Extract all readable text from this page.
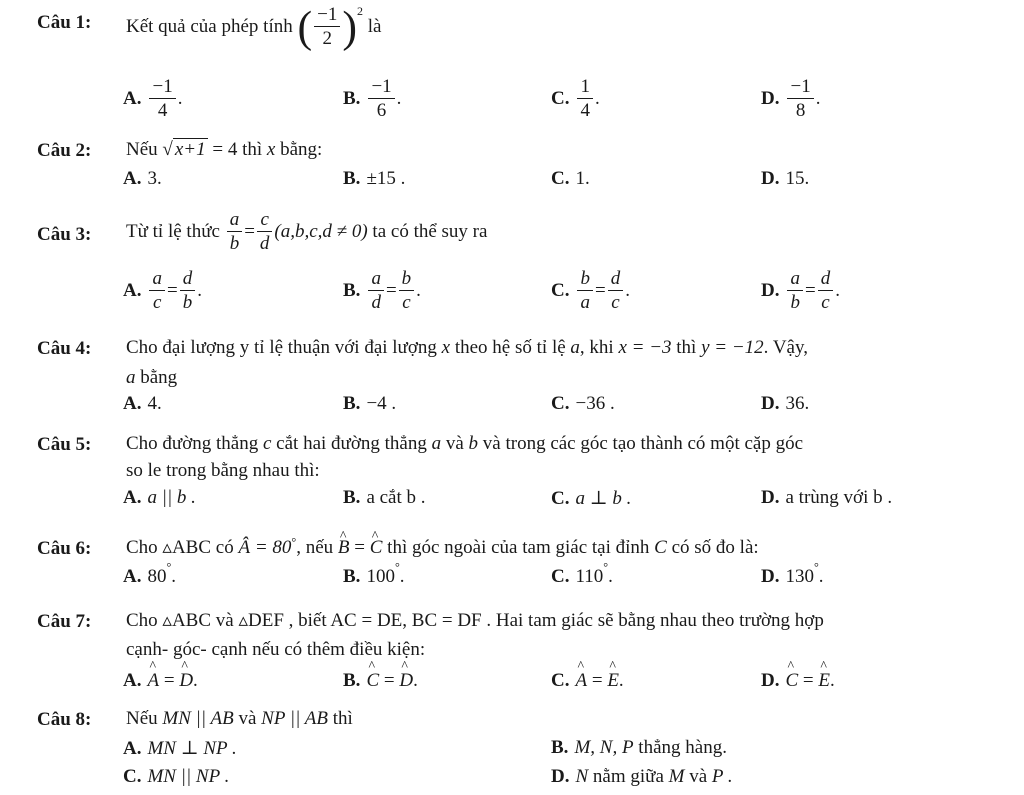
Câu 1: Kết quả của phép tính ( $\frac{-1}{2} )^2$ là
A. $\frac{-1}{4}$ .	B. $\frac{-1}{6}$ .	C. $\frac{1}{4}$ .	D. $\frac{-1}{8}$ .
Câu 2: Nếu √ x+1 = 4 thì x bằng:
A. 3.	B. ±15 .	C. 1.	D. 15.
Câu 3: Từ tỉ lệ thức $\frac{a}{b} = \frac{c}{d} (a,b,c,d \ne 0)$ ta có thể suy ra
A. $\frac{a}{c} = \frac{d}{b}$ .	B. $\frac{a}{d} = \frac{b}{c}$ .	C. $\frac{b}{a} = \frac{d}{c}$ .	D. $\frac{a}{b} = \frac{d}{c}$ .
Câu 4: Cho đại lượng y tỉ lệ thuận với đại lượng x theo hệ số tỉ lệ a, khi x = −3 thì y = −12. Vậy,
a bằng
A. 4.	B. −4 .	C. −36 .	D. 36.
Câu 5: Cho đường thẳng c cắt hai đường thẳng a và b và trong các góc tạo thành có một cặp góc
so le trong bằng nhau thì:
A. a || b .	B. a cắt b .	C. a ⊥ b .	D. a trùng với b .
Câu 6: Cho ▵ABC có Â = 80°, nếu ^ B = ^ C thì góc ngoài của tam giác tại đỉnh C có số đo là:
A. 80°.	B. 100°.	C. 110°.	D. 130°.
Câu 7: Cho ▵ABC và ▵DEF , biết AC = DE, BC = DF . Hai tam giác sẽ bằng nhau theo trường hợp
cạnh- góc- cạnh nếu có thêm điều kiện:
A. ^ A = ^ D.	B. ^ C = ^ D.	C. ^ A = ^ E.	D. ^ C = ^ E.
Câu 8: Nếu MN || AB và NP || AB thì
A. MN ⊥ NP .	B. M, N, P thẳng hàng.
C. MN || NP .	D. N nằm giữa M và P .
